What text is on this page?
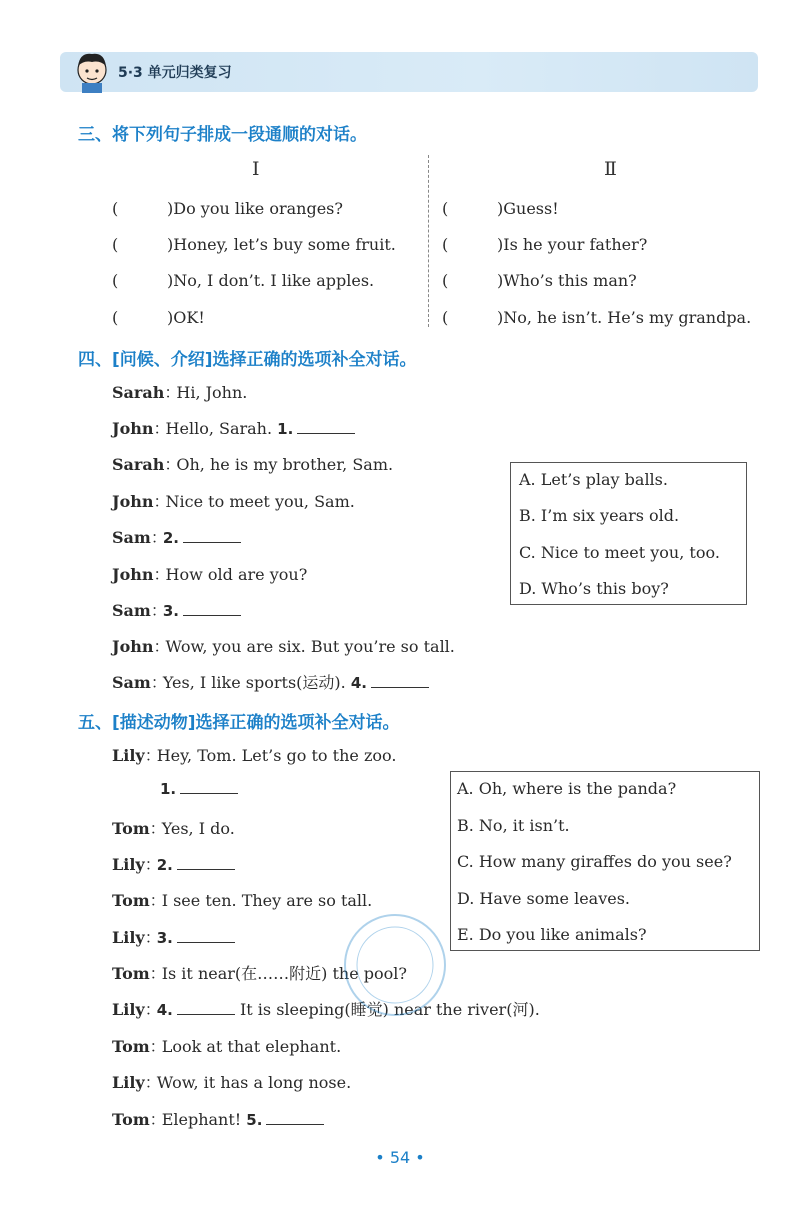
5·3 单元归类复习
三、将下列句子排成一段通顺的对话。
Ⅰ	Ⅱ
(	)Do you like oranges?
(	)Honey, let’s buy some fruit.
(	)No, I don’t. I like apples.
(	)OK!
(	)Guess!
(	)Is he your father?
(	)Who’s this man?
(	)No, he isn’t. He’s my grandpa.
四、[问候、介绍]选择正确的选项补全对话。
Sarah：Hi, John.
John：Hello, Sarah. 1.
Sarah：Oh, he is my brother, Sam.
John：Nice to meet you, Sam.
Sam：2.
John：How old are you?
Sam：3.
John：Wow, you are six. But you’re so tall.
Sam：Yes, I like sports(运动). 4.
A. Let’s play balls.
B. I’m six years old.
C. Nice to meet you, too.
D. Who’s this boy?
五、[描述动物]选择正确的选项补全对话。
Lily：Hey, Tom. Let’s go to the zoo.
1.
Tom：Yes, I do.
Lily：2.
Tom：I see ten. They are so tall.
Lily：3.
Tom：Is it near(在……附近) the pool?
Lily：4.	It is sleeping(睡觉) near the river(河).
Tom：Look at that elephant.
Lily：Wow, it has a long nose.
Tom：Elephant! 5.
A. Oh, where is the panda?
B. No, it isn’t.
C. How many giraffes do you see?
D. Have some leaves.
E. Do you like animals?
• 54 •
